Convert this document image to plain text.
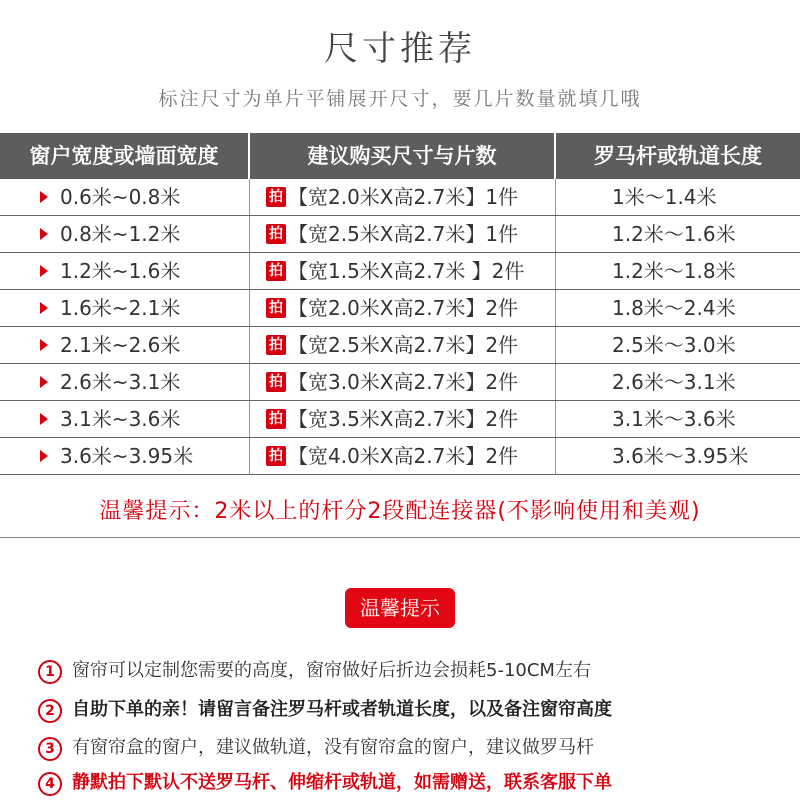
尺寸推荐
标注尺寸为单片平铺展开尺寸，要几片数量就填几哦
窗户宽度或墙面宽度	建议购买尺寸与片数	罗马杆或轨道长度
0.6米~0.8米	拍 【宽2.0米X高2.7米】1件	1米～1.4米
0.8米~1.2米	拍 【宽2.5米X高2.7米】1件	1.2米～1.6米
1.2米~1.6米	拍 【宽1.5米X高2.7米 】2件	1.2米～1.8米
1.6米~2.1米	拍 【宽2.0米X高2.7米】2件	1.8米～2.4米
2.1米~2.6米	拍 【宽2.5米X高2.7米】2件	2.5米～3.0米
2.6米~3.1米	拍 【宽3.0米X高2.7米】2件	2.6米～3.1米
3.1米~3.6米	拍 【宽3.5米X高2.7米】2件	3.1米～3.6米
3.6米~3.95米	拍 【宽4.0米X高2.7米】2件	3.6米～3.95米
温馨提示：2米以上的杆分2段配连接器(不影响使用和美观)
温馨提示
1 窗帘可以定制您需要的高度，窗帘做好后折边会损耗5-10CM左右
2 自助下单的亲！请留言备注罗马杆或者轨道长度，以及备注窗帘高度
3 有窗帘盒的窗户，建议做轨道，没有窗帘盒的窗户，建议做罗马杆
4 静默拍下默认不送罗马杆、伸缩杆或轨道，如需赠送，联系客服下单
